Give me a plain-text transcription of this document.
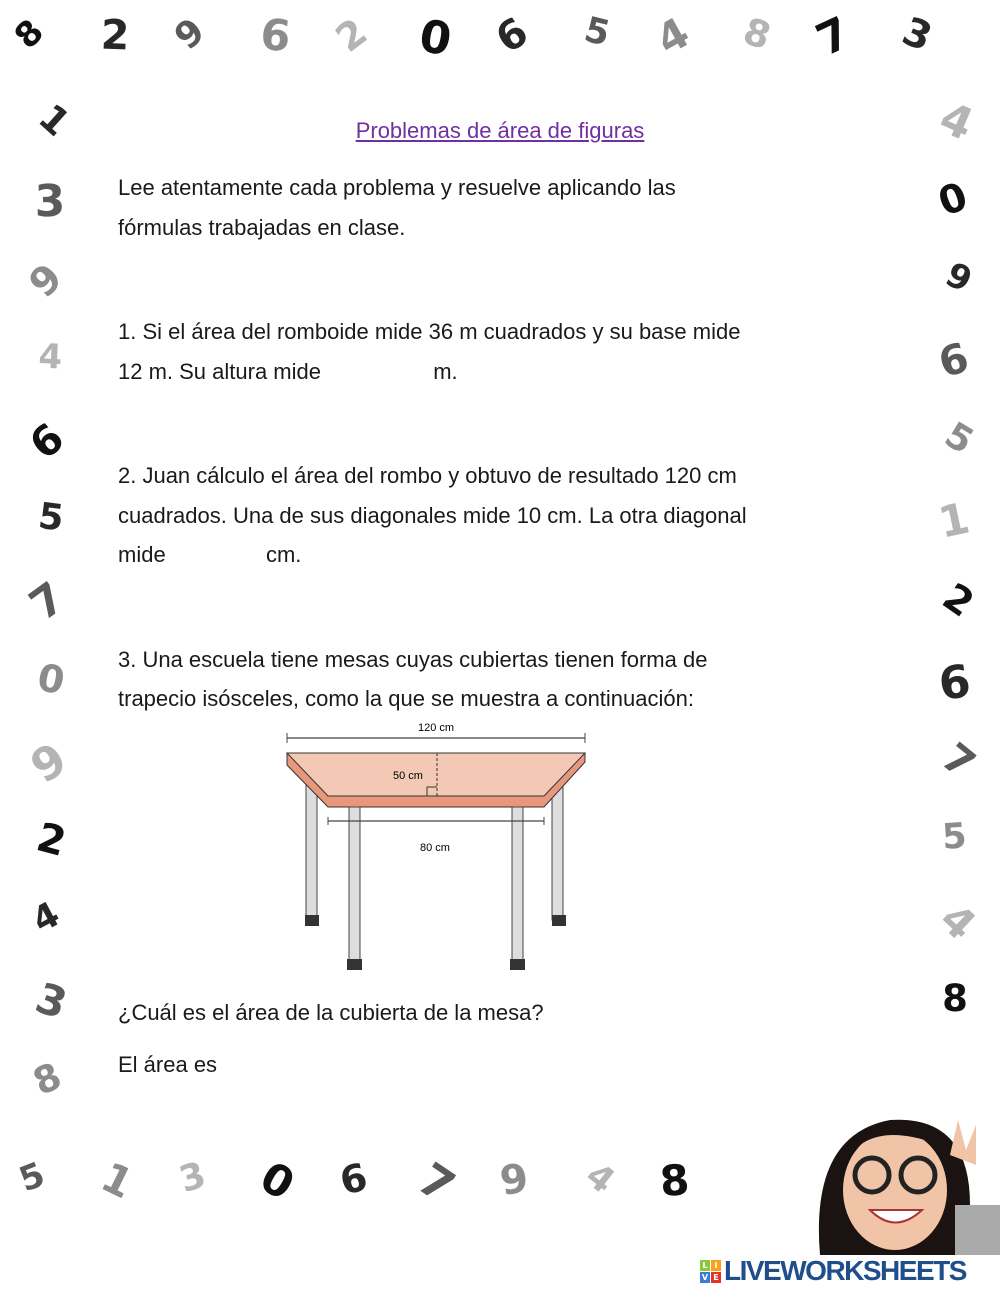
8	2 9	6 2 0 6	5 4	8 7 3
5	1 3 0 6 7 9	4 8
1
3
9
4
6
5
7
0
9
2
4
3
8
4
0
9
6
5
1
2
6
7
5
4
8
Problemas de área de figuras
Lee atentamente cada problema y resuelve aplicando las
fórmulas trabajadas en clase.
1. Si el área del romboide mide 36 m cuadrados y su base mide
12 m. Su altura mide	m.
2. Juan cálculo el área del rombo y obtuvo de resultado 120 cm
cuadrados. Una de sus diagonales mide 10 cm. La otra diagonal
mide	cm.
3. Una escuela tiene mesas cuyas cubiertas tienen forma de
trapecio isósceles, como la que se muestra a continuación:
120 cm
50 cm
80 cm
¿Cuál es el área de la cubierta de la mesa?
El área es
L I
V E LIVEWORKSHEETS
